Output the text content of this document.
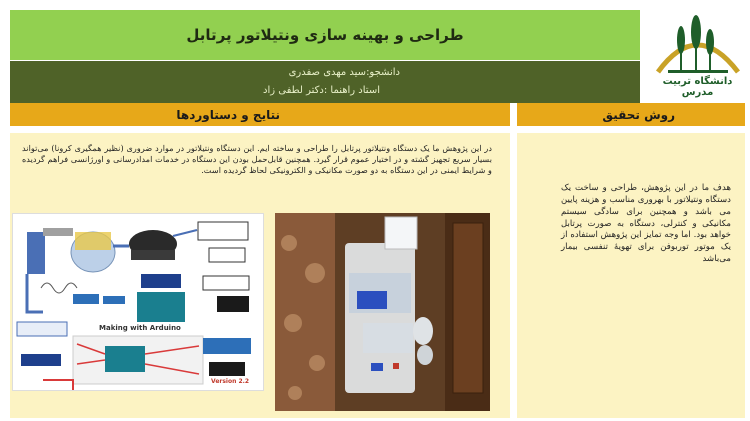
طراحی و بهینه سازی ونتیلاتور پرتابل
دانشجو:سید مهدی صفدری
استاد راهنما :دکتر لطفی زاد
دانشگاه تربیت مدرس
نتایج و دستاوردها	روش تحقیق
در این پژوهش ما یک دستگاه ونتیلاتور پرتابل را طراحی و ساخته ایم. این دستگاه ونتیلاتور در موارد ضروری (نظیر همگیری کرونا) می‌تواند بسیار سریع تجهیز گشته و در اختیار عموم قرار گیرد. همچنین قابل‌حمل بودن این دستگاه در خدمات امدادرسانی و اورژانسی فراهم گردیده و شرایط ایمنی در این دستگاه به دو صورت مکانیکی و الکترونیکی لحاظ گردیده است.
هدف ما در این پژوهش، طراحی و ساخت یک دستگاه ونتیلاتور با بهروری مناسب و هزینه پایین می باشد و همچنین برای سادگی سیستم مکانیکی و کنترلی، دستگاه به صورت پرتابل خواهد بود. اما وجه تمایز این پژوهش استفاده از یک موتور توربوفن برای تهویهٔ تنفسی بیمار می‌باشد
Making with Arduino
Version 2.2
